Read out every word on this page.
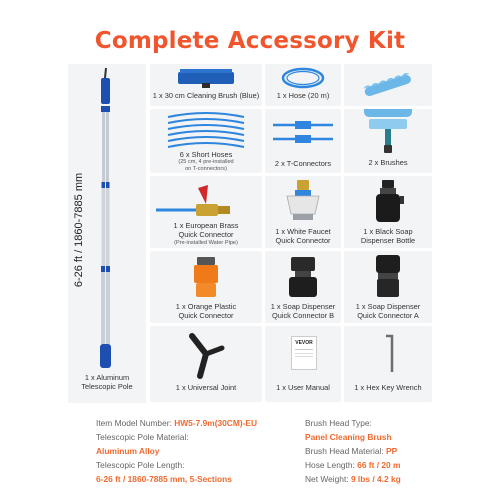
Complete Accessory Kit
1 x Aluminum
Telescopic Pole
6-26 ft / 1860-7885 mm
1 x 30 cm Cleaning Brush (Blue)	1 x Hose (20 m)
6 x Short Hoses
(25 cm, 4 pre-installed
on T-connectors)
2 x T-Connectors	2 x Brushes
1 x European Brass
Quick Connector
(Pre-installed Water Pipe)
1 x White Faucet
Quick Connector
1 x Black Soap
Dispenser Bottle
1 x Orange Plastic
Quick Connector
1 x Soap Dispenser
Quick Connector B
1 x Soap Dispenser
Quick Connector A
1 x Universal Joint
VEVOR
1 x User Manual	1 x Hex Key Wrench
Item Model Number: HW5-7.9m(30CM)-EU
Telescopic Pole Material:
Aluminum Alloy
Telescopic Pole Length:
6-26 ft / 1860-7885 mm, 5-Sections
Brush Head Type:
Panel Cleaning Brush
Brush Head Material: PP
Hose Length: 66 ft / 20 m
Net Weight: 9 lbs / 4.2 kg
